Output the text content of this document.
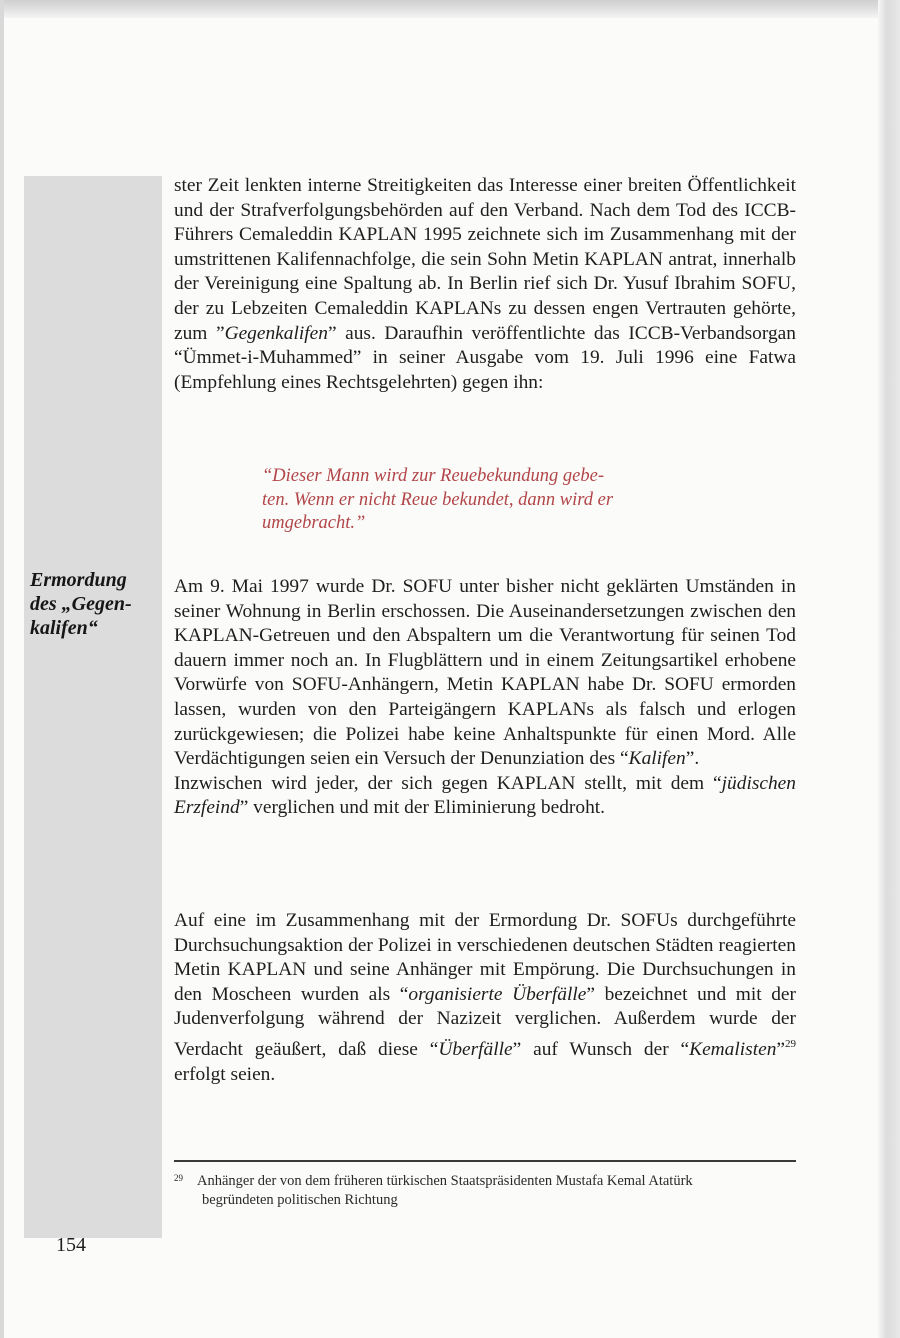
Ermordung
des „Gegen-
kalifen“

ster Zeit lenkten interne Streitigkeiten das Interesse einer breiten Öffentlichkeit und der Strafverfolgungsbehörden auf den Verband. Nach dem Tod des ICCB-Führers Cemaleddin KAPLAN 1995 zeichnete sich im Zusammenhang mit der umstrittenen Kalifennachfolge, die sein Sohn Metin KAPLAN antrat, innerhalb der Vereinigung eine Spaltung ab. In Berlin rief sich Dr. Yusuf Ibrahim SOFU, der zu Lebzeiten Cemaleddin KAPLANs zu dessen engen Vertrauten gehörte, zum ”Gegenkalifen” aus. Daraufhin veröffentlichte das ICCB-Verbandsorgan “Ümmet-i-Muhammed” in seiner Ausgabe vom 19. Juli 1996 eine Fatwa (Empfehlung eines Rechtsgelehrten) gegen ihn:

“Dieser Mann wird zur Reuebekundung gebe-
ten. Wenn er nicht Reue bekundet, dann wird er
umgebracht.”

Am 9. Mai 1997 wurde Dr. SOFU unter bisher nicht geklärten Umständen in seiner Wohnung in Berlin erschossen. Die Auseinandersetzungen zwischen den KAPLAN-Getreuen und den Abspaltern um die Verantwortung für seinen Tod dauern immer noch an. In Flugblättern und in einem Zeitungsartikel erhobene Vorwürfe von SOFU-Anhängern, Metin KAPLAN habe Dr. SOFU ermorden lassen, wurden von den Parteigängern KAPLANs als falsch und erlogen zurückgewiesen; die Polizei habe keine Anhaltspunkte für einen Mord. Alle Verdächtigungen seien ein Versuch der Denunziation des “Kalifen”.

Inzwischen wird jeder, der sich gegen KAPLAN stellt, mit dem “jüdischen Erzfeind” verglichen und mit der Eliminierung bedroht.

Auf eine im Zusammenhang mit der Ermordung Dr. SOFUs durchgeführte Durchsuchungsaktion der Polizei in verschiedenen deutschen Städten reagierten Metin KAPLAN und seine Anhänger mit Empörung. Die Durchsuchungen in den Moscheen wurden als “organisierte Überfälle” bezeichnet und mit der Judenverfolgung während der Nazizeit verglichen. Außerdem wurde der Verdacht geäußert, daß diese “Überfälle” auf Wunsch der “Kemalisten”$^{29}$ erfolgt seien.

$^{29}$ Anhänger der von dem früheren türkischen Staatspräsidenten Mustafa Kemal Atatürk
begründeten politischen Richtung
154
